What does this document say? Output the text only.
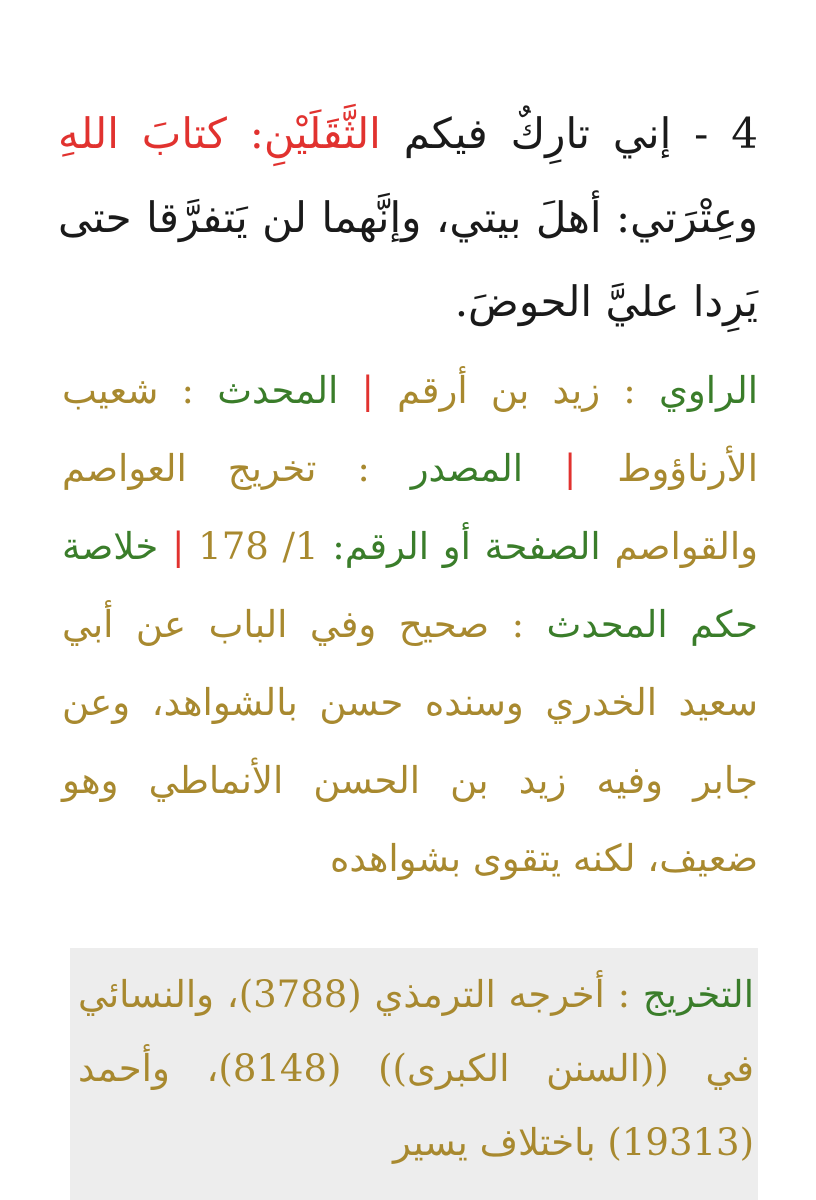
4 - إني تارِكٌ فيكم الثَّقَلَيْنِ: كتابَ اللهِ وعِتْرَتي: أهلَ بيتي، وإنَّهما لن يَتفرَّقا حتى يَرِدا عليَّ الحوضَ.

الراوي : زيد بن أرقم | المحدث : شعيب الأرناؤوط | المصدر : تخريج العواصم والقواصم الصفحة أو الرقم: 1/ 178 | خلاصة حكم المحدث : صحيح وفي الباب عن أبي سعيد الخدري وسنده حسن بالشواهد، وعن جابر وفيه زيد بن الحسن الأنماطي وهو ضعيف، لكنه يتقوى بشواهده

التخريج : أخرجه الترمذي (3788)، والنسائي في ((السنن الكبرى)) (8148)، وأحمد (19313) باختلاف يسير
